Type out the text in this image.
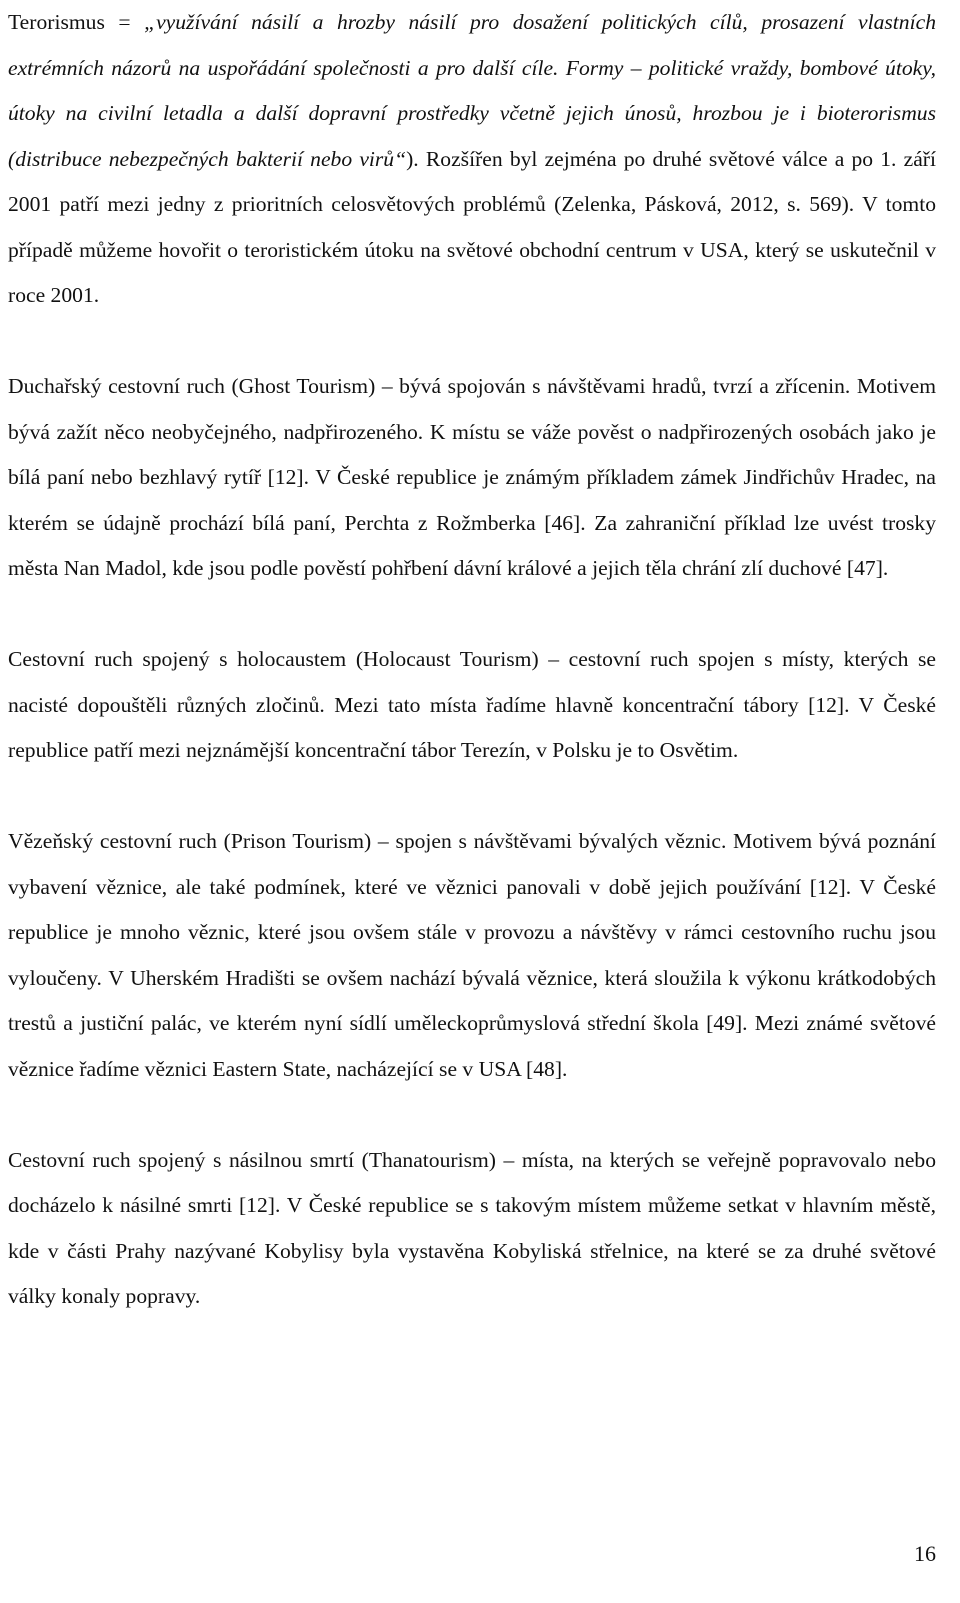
Terorismus = „využívání násilí a hrozby násilí pro dosažení politických cílů, prosazení vlastních extrémních názorů na uspořádání společnosti a pro další cíle. Formy – politické vraždy, bombové útoky, útoky na civilní letadla a další dopravní prostředky včetně jejich únosů, hrozbou je i bioterorismus (distribuce nebezpečných bakterií nebo virů“). Rozšířen byl zejména po druhé světové válce a po 1. září 2001 patří mezi jedny z prioritních celosvětových problémů (Zelenka, Pásková, 2012, s. 569). V tomto případě můžeme hovořit o teroristickém útoku na světové obchodní centrum v USA, který se uskutečnil v roce 2001.

Duchařský cestovní ruch (Ghost Tourism) – bývá spojován s návštěvami hradů, tvrzí a zřícenin. Motivem bývá zažít něco neobyčejného, nadpřirozeného. K místu se váže pověst o nadpřirozených osobách jako je bílá paní nebo bezhlavý rytíř [12]. V České republice je známým příkladem zámek Jindřichův Hradec, na kterém se údajně prochází bílá paní, Perchta z Rožmberka [46]. Za zahraniční příklad lze uvést trosky města Nan Madol, kde jsou podle pověstí pohřbení dávní králové a jejich těla chrání zlí duchové [47].

Cestovní ruch spojený s holocaustem (Holocaust Tourism) – cestovní ruch spojen s místy, kterých se nacisté dopouštěli různých zločinů. Mezi tato místa řadíme hlavně koncentrační tábory [12]. V České republice patří mezi nejznámější koncentrační tábor Terezín, v Polsku je to Osvětim.

Vězeňský cestovní ruch (Prison Tourism) – spojen s návštěvami bývalých věznic. Motivem bývá poznání vybavení věznice, ale také podmínek, které ve věznici panovali v době jejich používání [12]. V České republice je mnoho věznic, které jsou ovšem stále v provozu a návštěvy v rámci cestovního ruchu jsou vyloučeny. V Uherském Hradišti se ovšem nachází bývalá věznice, která sloužila k výkonu krátkodobých trestů a justiční palác, ve kterém nyní sídlí uměleckoprůmyslová střední škola [49]. Mezi známé světové věznice řadíme věznici Eastern State, nacházející se v USA [48].

Cestovní ruch spojený s násilnou smrtí (Thanatourism) – místa, na kterých se veřejně popravovalo nebo docházelo k násilné smrti [12]. V České republice se s takovým místem můžeme setkat v hlavním městě, kde v části Prahy nazývané Kobylisy byla vystavěna Kobyliská střelnice, na které se za druhé světové války konaly popravy.

16
